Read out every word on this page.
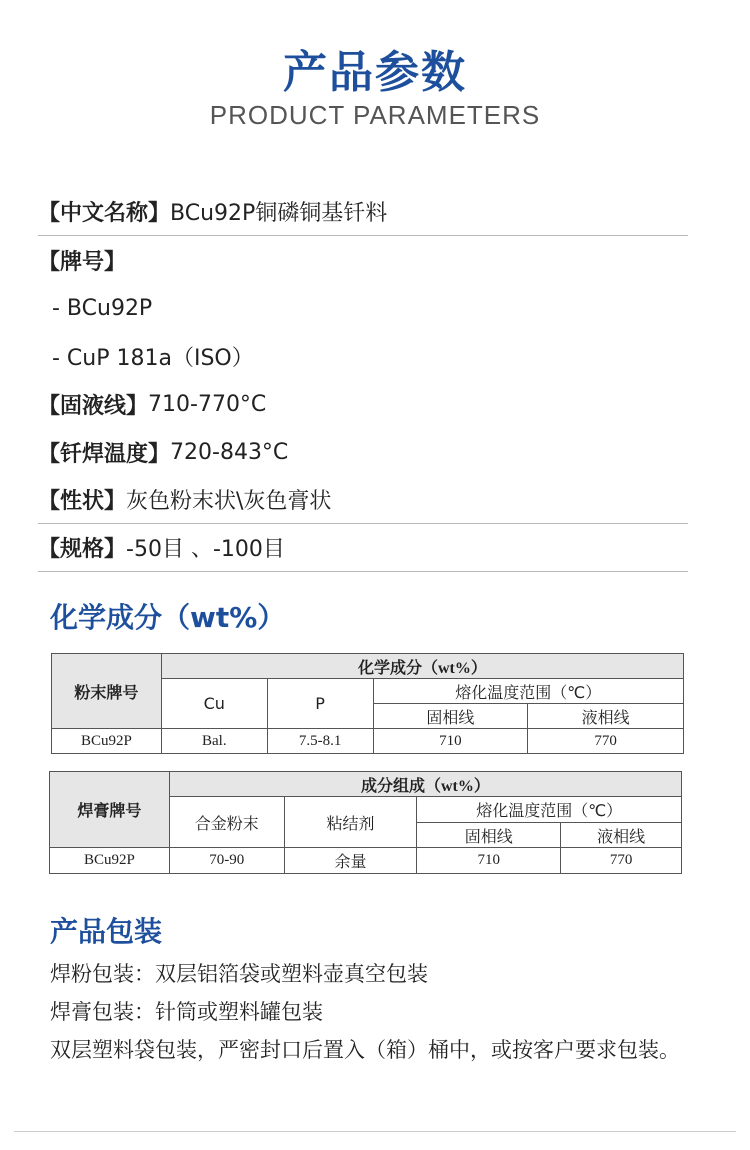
产品参数
PRODUCT PARAMETERS
【中文名称】 BCu92P铜磷铜基钎料
【牌号】
- BCu92P
- CuP 181a（ISO）
【固液线】 710-770°C
【钎焊温度】 720-843°C
【性状】 灰色粉末状\灰色膏状
【规格】 -50目 、-100目
化学成分（wt%）
粉末牌号	化学成分（wt%）			
	Cu	P	熔化温度范围（℃）	
			固相线	液相线
BCu92P	Bal.	7.5-8.1	710	770
焊膏牌号	成分组成（wt%）			
	合金粉末	粘结剂	熔化温度范围（℃）	
			固相线	液相线
BCu92P	70-90	余量	710	770
产品包装
焊粉包装：双层铝箔袋或塑料壶真空包装
焊膏包装：针筒或塑料罐包装
双层塑料袋包装，严密封口后置入（箱）桶中，或按客户要求包装。
